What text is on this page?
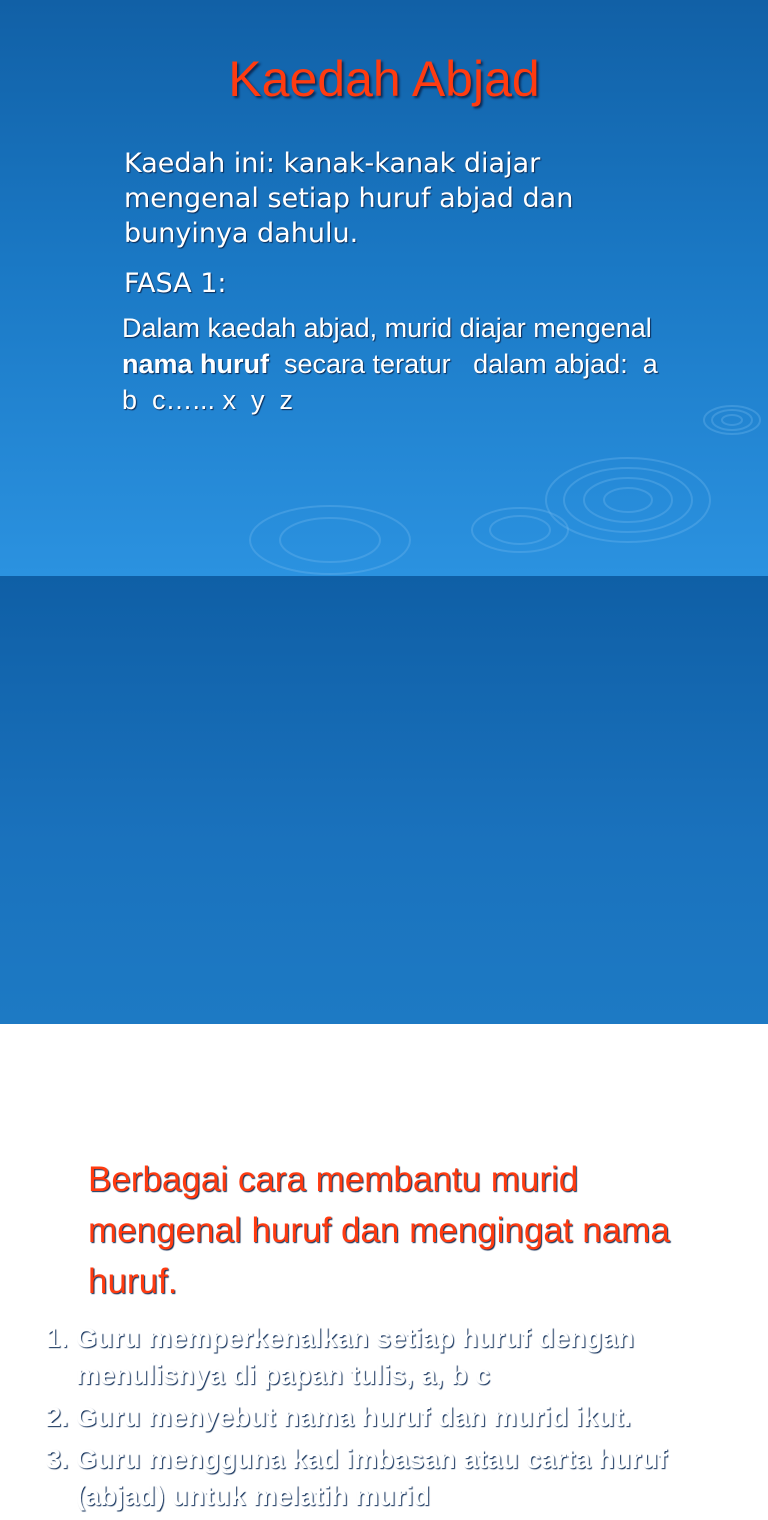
Kaedah Abjad

Kaedah ini: kanak-kanak diajar mengenal setiap huruf abjad dan bunyinya dahulu.

FASA 1:

Dalam kaedah abjad, murid diajar mengenal nama huruf  secara teratur   dalam abjad:  a  b  c…... x  y  z

Berbagai cara membantu murid mengenal huruf dan mengingat nama huruf.

1. Guru memperkenalkan setiap huruf dengan menulisnya di papan tulis, a, b c
2. Guru menyebut nama huruf dan murid ikut.
3. Guru mengguna kad imbasan atau carta huruf (abjad) untuk melatih murid
